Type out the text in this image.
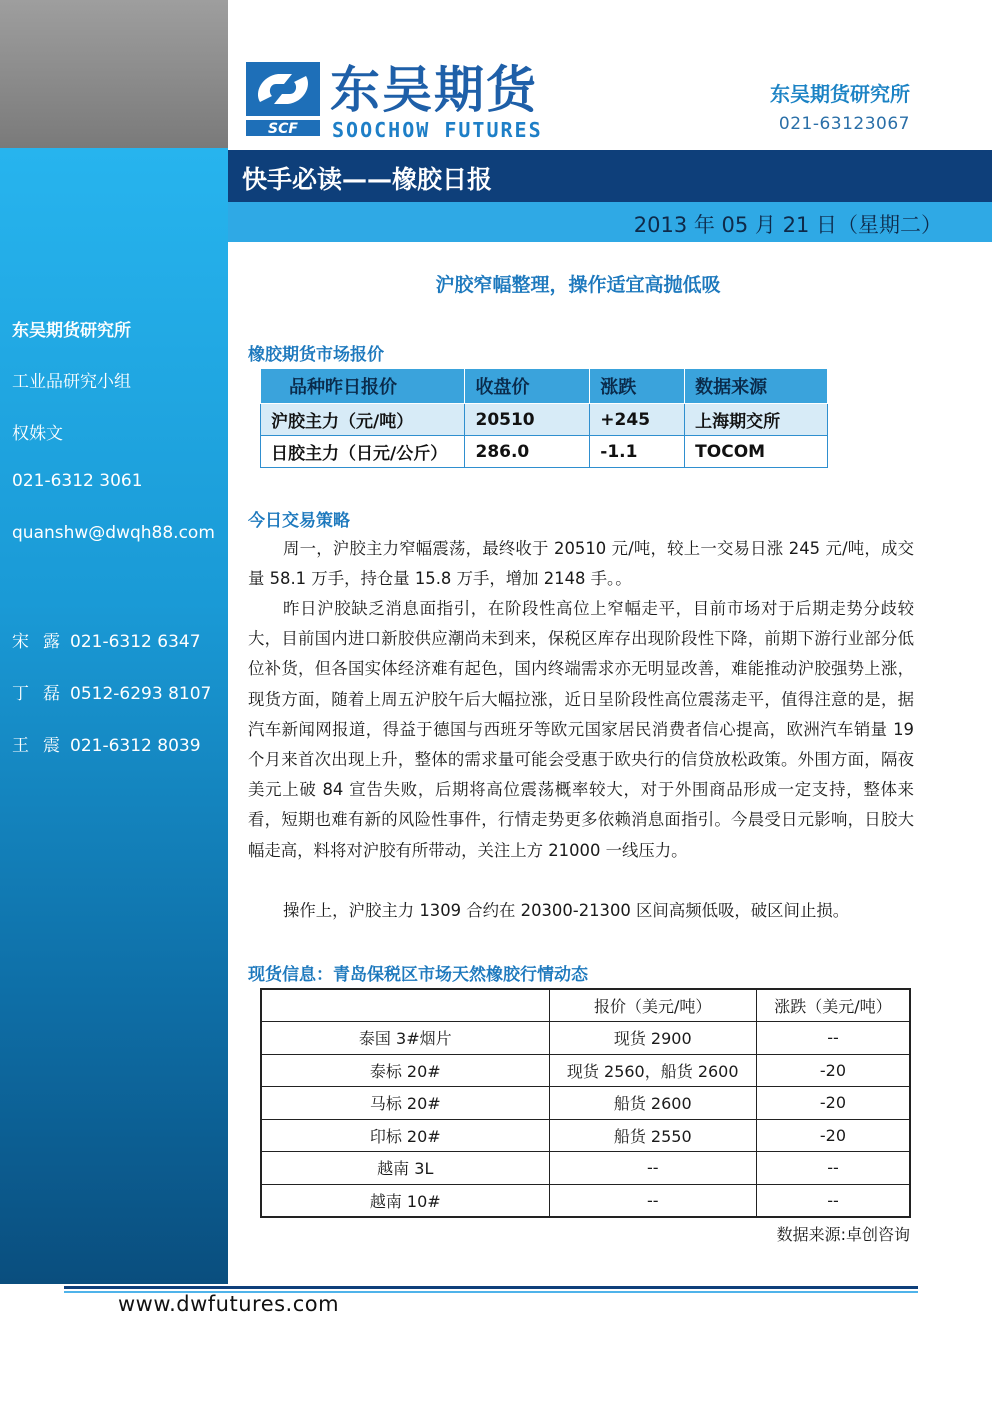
东吴期货研究所
工业品研究小组
权姝文
021-6312 3061
quanshw@dwqh88.com
宋露021-6312 6347
丁磊0512-6293 8107
王震021-6312 8039
SCF
东吴期货
SOOCHOW FUTURES
东吴期货研究所
021-63123067
快手必读——橡胶日报
2013 年 05 月 21 日（星期二）
沪胶窄幅整理，操作适宜高抛低吸
橡胶期货市场报价
品种昨日报价	收盘价	涨跌	数据来源
沪胶主力（元/吨）	20510	+245	上海期交所
日胶主力（日元/公斤）	286.0	-1.1	TOCOM
今日交易策略

周一，沪胶主力窄幅震荡，最终收于 20510 元/吨，较上一交易日涨 245 元/吨，成交量 58.1 万手，持仓量 15.8 万手，增加 2148 手。。

昨日沪胶缺乏消息面指引，在阶段性高位上窄幅走平，目前市场对于后期走势分歧较大，目前国内进口新胶供应潮尚未到来，保税区库存出现阶段性下降，前期下游行业部分低位补货，但各国实体经济难有起色，国内终端需求亦无明显改善，难能推动沪胶强势上涨，现货方面，随着上周五沪胶午后大幅拉涨，近日呈阶段性高位震荡走平，值得注意的是，据汽车新闻网报道，得益于德国与西班牙等欧元国家居民消费者信心提高，欧洲汽车销量 19 个月来首次出现上升，整体的需求量可能会受惠于欧央行的信贷放松政策。外围方面，隔夜美元上破 84 宣告失败，后期将高位震荡概率较大，对于外围商品形成一定支持，整体来看，短期也难有新的风险性事件，行情走势更多依赖消息面指引。今晨受日元影响，日胶大幅走高，料将对沪胶有所带动，关注上方 21000 一线压力。

操作上，沪胶主力 1309 合约在 20300-21300 区间高频低吸，破区间止损。

现货信息：青岛保税区市场天然橡胶行情动态
	报价（美元/吨）	涨跌（美元/吨）
泰国 3#烟片	现货 2900	--
泰标 20#	现货 2560，船货 2600	-20
马标 20#	船货 2600	-20
印标 20#	船货 2550	-20
越南 3L	--	--
越南 10#	--	--
数据来源:卓创咨询
www.dwfutures.com
